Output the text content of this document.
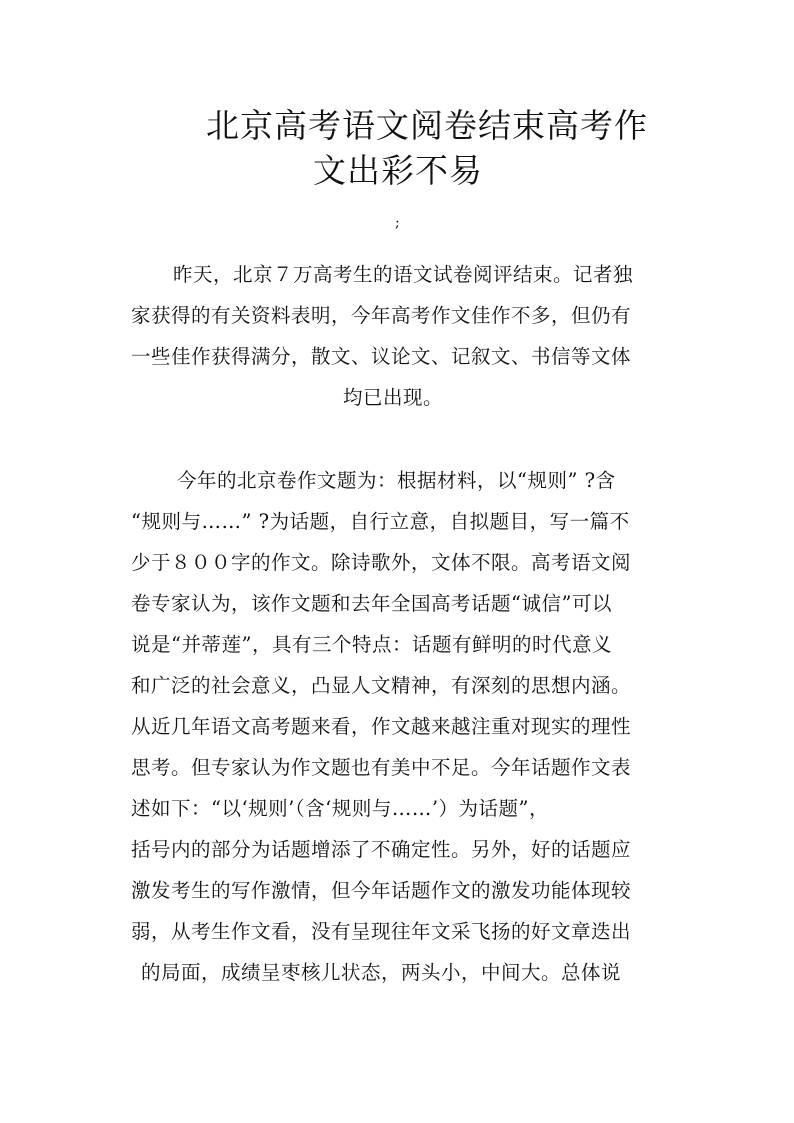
北京高考语文阅卷结束高考作
文出彩不易
;
昨天，北京７万高考生的语文试卷阅评结束。记者独
家获得的有关资料表明，今年高考作文佳作不多，但仍有
一些佳作获得满分，散文、议论文、记叙文、书信等文体
均已出现。
今年的北京卷作文题为：根据材料，以“规则” ?含
“规则与……” ?为话题，自行立意，自拟题目，写一篇不
少于８００字的作文。除诗歌外，文体不限。高考语文阅
卷专家认为，该作文题和去年全国高考话题“诚信”可以
说是“并蒂莲”，具有三个特点：话题有鲜明的时代意义
和广泛的社会意义，凸显人文精神，有深刻的思想内涵。
从近几年语文高考题来看，作文越来越注重对现实的理性
思考。但专家认为作文题也有美中不足。今年话题作文表
述如下：“以‘规则’（含‘规则与……’）为话题”，
括号内的部分为话题增添了不确定性。另外，好的话题应
激发考生的写作激情，但今年话题作文的激发功能体现较
弱，从考生作文看，没有呈现往年文采飞扬的好文章迭出
的局面，成绩呈枣核儿状态，两头小，中间大。总体说
